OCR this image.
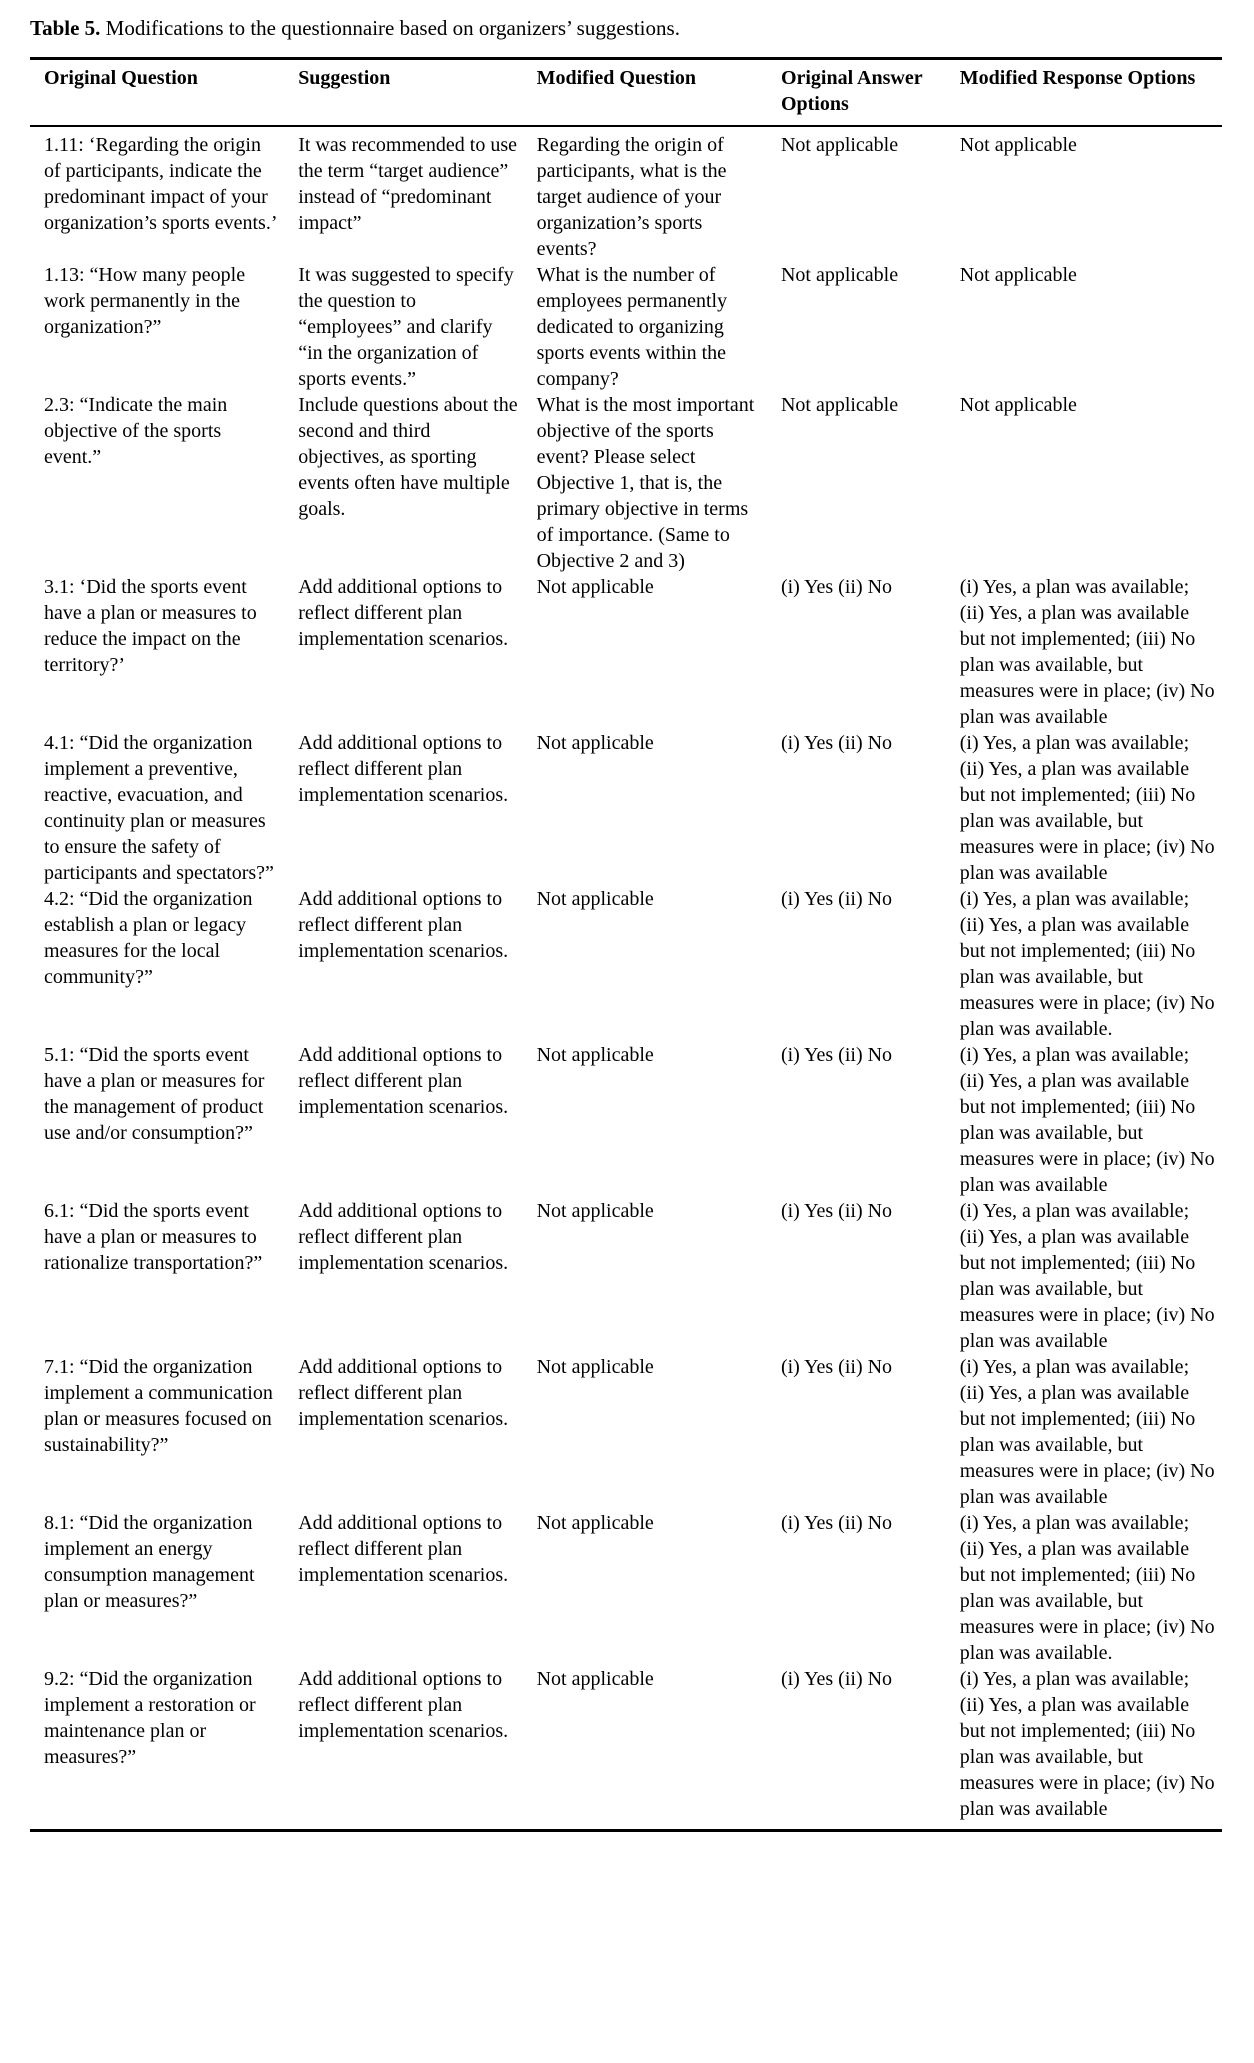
Table 5. Modifications to the questionnaire based on organizers’ suggestions.

Original Question	Suggestion	Modified Question	Original Answer Options	Modified Response Options
1.11: ‘Regarding the origin of participants, indicate the predominant impact of your organization’s sports events.’	It was recommended to use the term “target audience” instead of “predominant impact”	Regarding the origin of participants, what is the target audience of your organization’s sports events?	Not applicable	Not applicable
1.13: “How many people work permanently in the organization?”	It was suggested to specify the question to “employees” and clarify “in the organization of sports events.”	What is the number of employees permanently dedicated to organizing sports events within the company?	Not applicable	Not applicable
2.3: “Indicate the main objective of the sports event.”	Include questions about the second and third objectives, as sporting events often have multiple goals.	What is the most important objective of the sports event? Please select Objective 1, that is, the primary objective in terms of importance. (Same to Objective 2 and 3)	Not applicable	Not applicable
3.1: ‘Did the sports event have a plan or measures to reduce the impact on the territory?’	Add additional options to reflect different plan implementation scenarios.	Not applicable	(i) Yes (ii) No	(i) Yes, a plan was available; (ii) Yes, a plan was available but not implemented; (iii) No plan was available, but measures were in place; (iv) No plan was available
4.1: “Did the organization implement a preventive, reactive, evacuation, and continuity plan or measures to ensure the safety of participants and spectators?”	Add additional options to reflect different plan implementation scenarios.	Not applicable	(i) Yes (ii) No	(i) Yes, a plan was available; (ii) Yes, a plan was available but not implemented; (iii) No plan was available, but measures were in place; (iv) No plan was available
4.2: “Did the organization establish a plan or legacy measures for the local community?”	Add additional options to reflect different plan implementation scenarios.	Not applicable	(i) Yes (ii) No	(i) Yes, a plan was available; (ii) Yes, a plan was available but not implemented; (iii) No plan was available, but measures were in place; (iv) No plan was available.
5.1: “Did the sports event have a plan or measures for the management of product use and/or consumption?”	Add additional options to reflect different plan implementation scenarios.	Not applicable	(i) Yes (ii) No	(i) Yes, a plan was available; (ii) Yes, a plan was available but not implemented; (iii) No plan was available, but measures were in place; (iv) No plan was available
6.1: “Did the sports event have a plan or measures to rationalize transportation?”	Add additional options to reflect different plan implementation scenarios.	Not applicable	(i) Yes (ii) No	(i) Yes, a plan was available; (ii) Yes, a plan was available but not implemented; (iii) No plan was available, but measures were in place; (iv) No plan was available
7.1: “Did the organization implement a communication plan or measures focused on sustainability?”	Add additional options to reflect different plan implementation scenarios.	Not applicable	(i) Yes (ii) No	(i) Yes, a plan was available; (ii) Yes, a plan was available but not implemented; (iii) No plan was available, but measures were in place; (iv) No plan was available
8.1: “Did the organization implement an energy consumption management plan or measures?”	Add additional options to reflect different plan implementation scenarios.	Not applicable	(i) Yes (ii) No	(i) Yes, a plan was available; (ii) Yes, a plan was available but not implemented; (iii) No plan was available, but measures were in place; (iv) No plan was available.
9.2: “Did the organization implement a restoration or maintenance plan or measures?”	Add additional options to reflect different plan implementation scenarios.	Not applicable	(i) Yes (ii) No	(i) Yes, a plan was available; (ii) Yes, a plan was available but not implemented; (iii) No plan was available, but measures were in place; (iv) No plan was available
